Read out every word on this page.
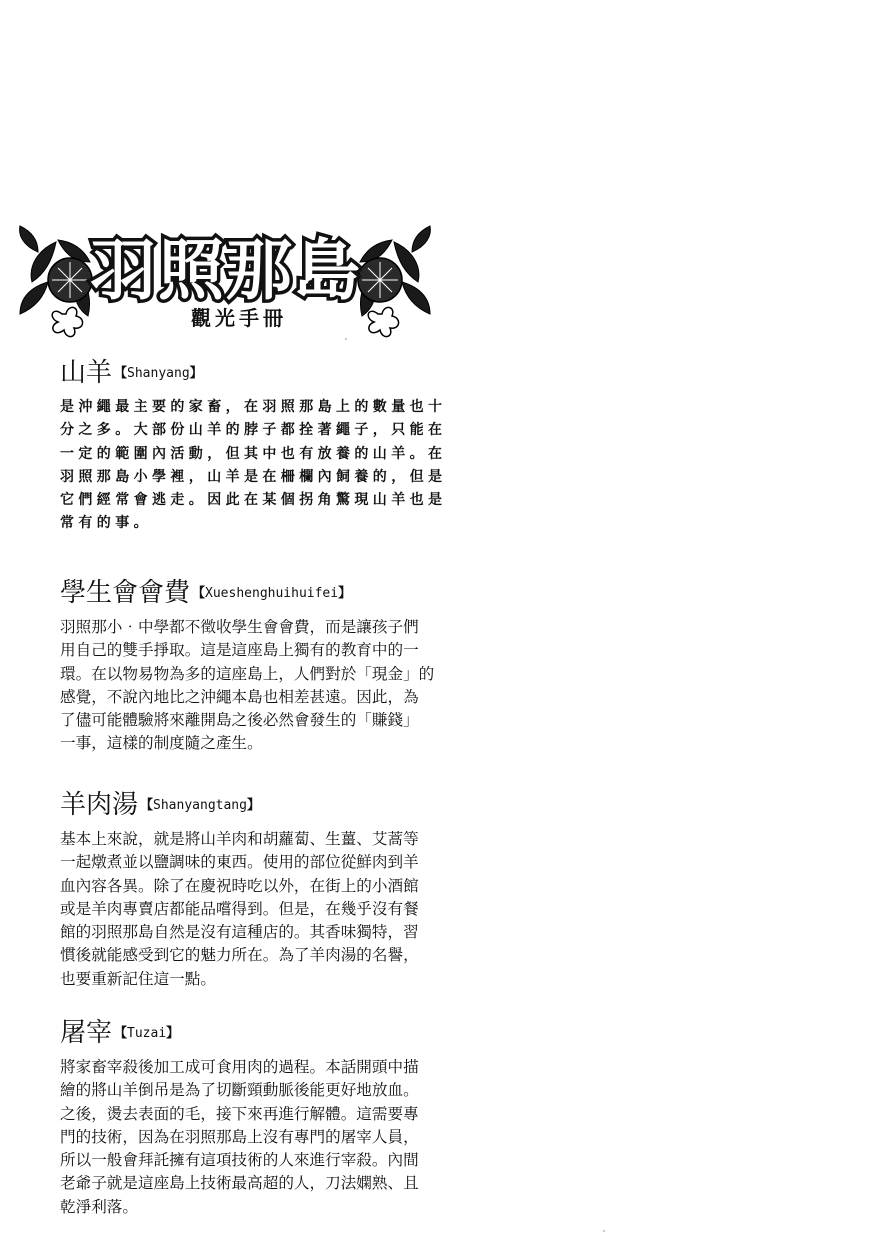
羽照那島
觀光手冊
山羊 【Shanyang】
是沖繩最主要的家畜，在羽照那島上的數量也十
分之多。大部份山羊的脖子都拴著繩子，只能在
一定的範圍內活動，但其中也有放養的山羊。在
羽照那島小學裡，山羊是在柵欄內飼養的，但是
它們經常會逃走。因此在某個拐角驚現山羊也是
常有的事。
學生會會費 【Xueshenghuihuifei】
羽照那小‧中學都不徵收學生會會費，而是讓孩子們
用自己的雙手掙取。這是這座島上獨有的教育中的一
環。在以物易物為多的這座島上，人們對於「現金」的
感覺，不說內地比之沖繩本島也相差甚遠。因此，為
了儘可能體驗將來離開島之後必然會發生的「賺錢」
一事，這樣的制度隨之產生。
羊肉湯 【Shanyangtang】
基本上來說，就是將山羊肉和胡蘿蔔、生薑、艾蒿等
一起燉煮並以鹽調味的東西。使用的部位從鮮肉到羊
血內容各異。除了在慶祝時吃以外，在街上的小酒館
或是羊肉專賣店都能品嚐得到。但是，在幾乎沒有餐
館的羽照那島自然是沒有這種店的。其香味獨特，習
慣後就能感受到它的魅力所在。為了羊肉湯的名譽，
也要重新記住這一點。
屠宰 【Tuzai】
將家畜宰殺後加工成可食用肉的過程。本話開頭中描
繪的將山羊倒吊是為了切斷頸動脈後能更好地放血。
之後，燙去表面的毛，接下來再進行解體。這需要專
門的技術，因為在羽照那島上沒有專門的屠宰人員，
所以一般會拜託擁有這項技術的人來進行宰殺。內間
老爺子就是這座島上技術最高超的人，刀法嫻熟、且
乾淨利落。
